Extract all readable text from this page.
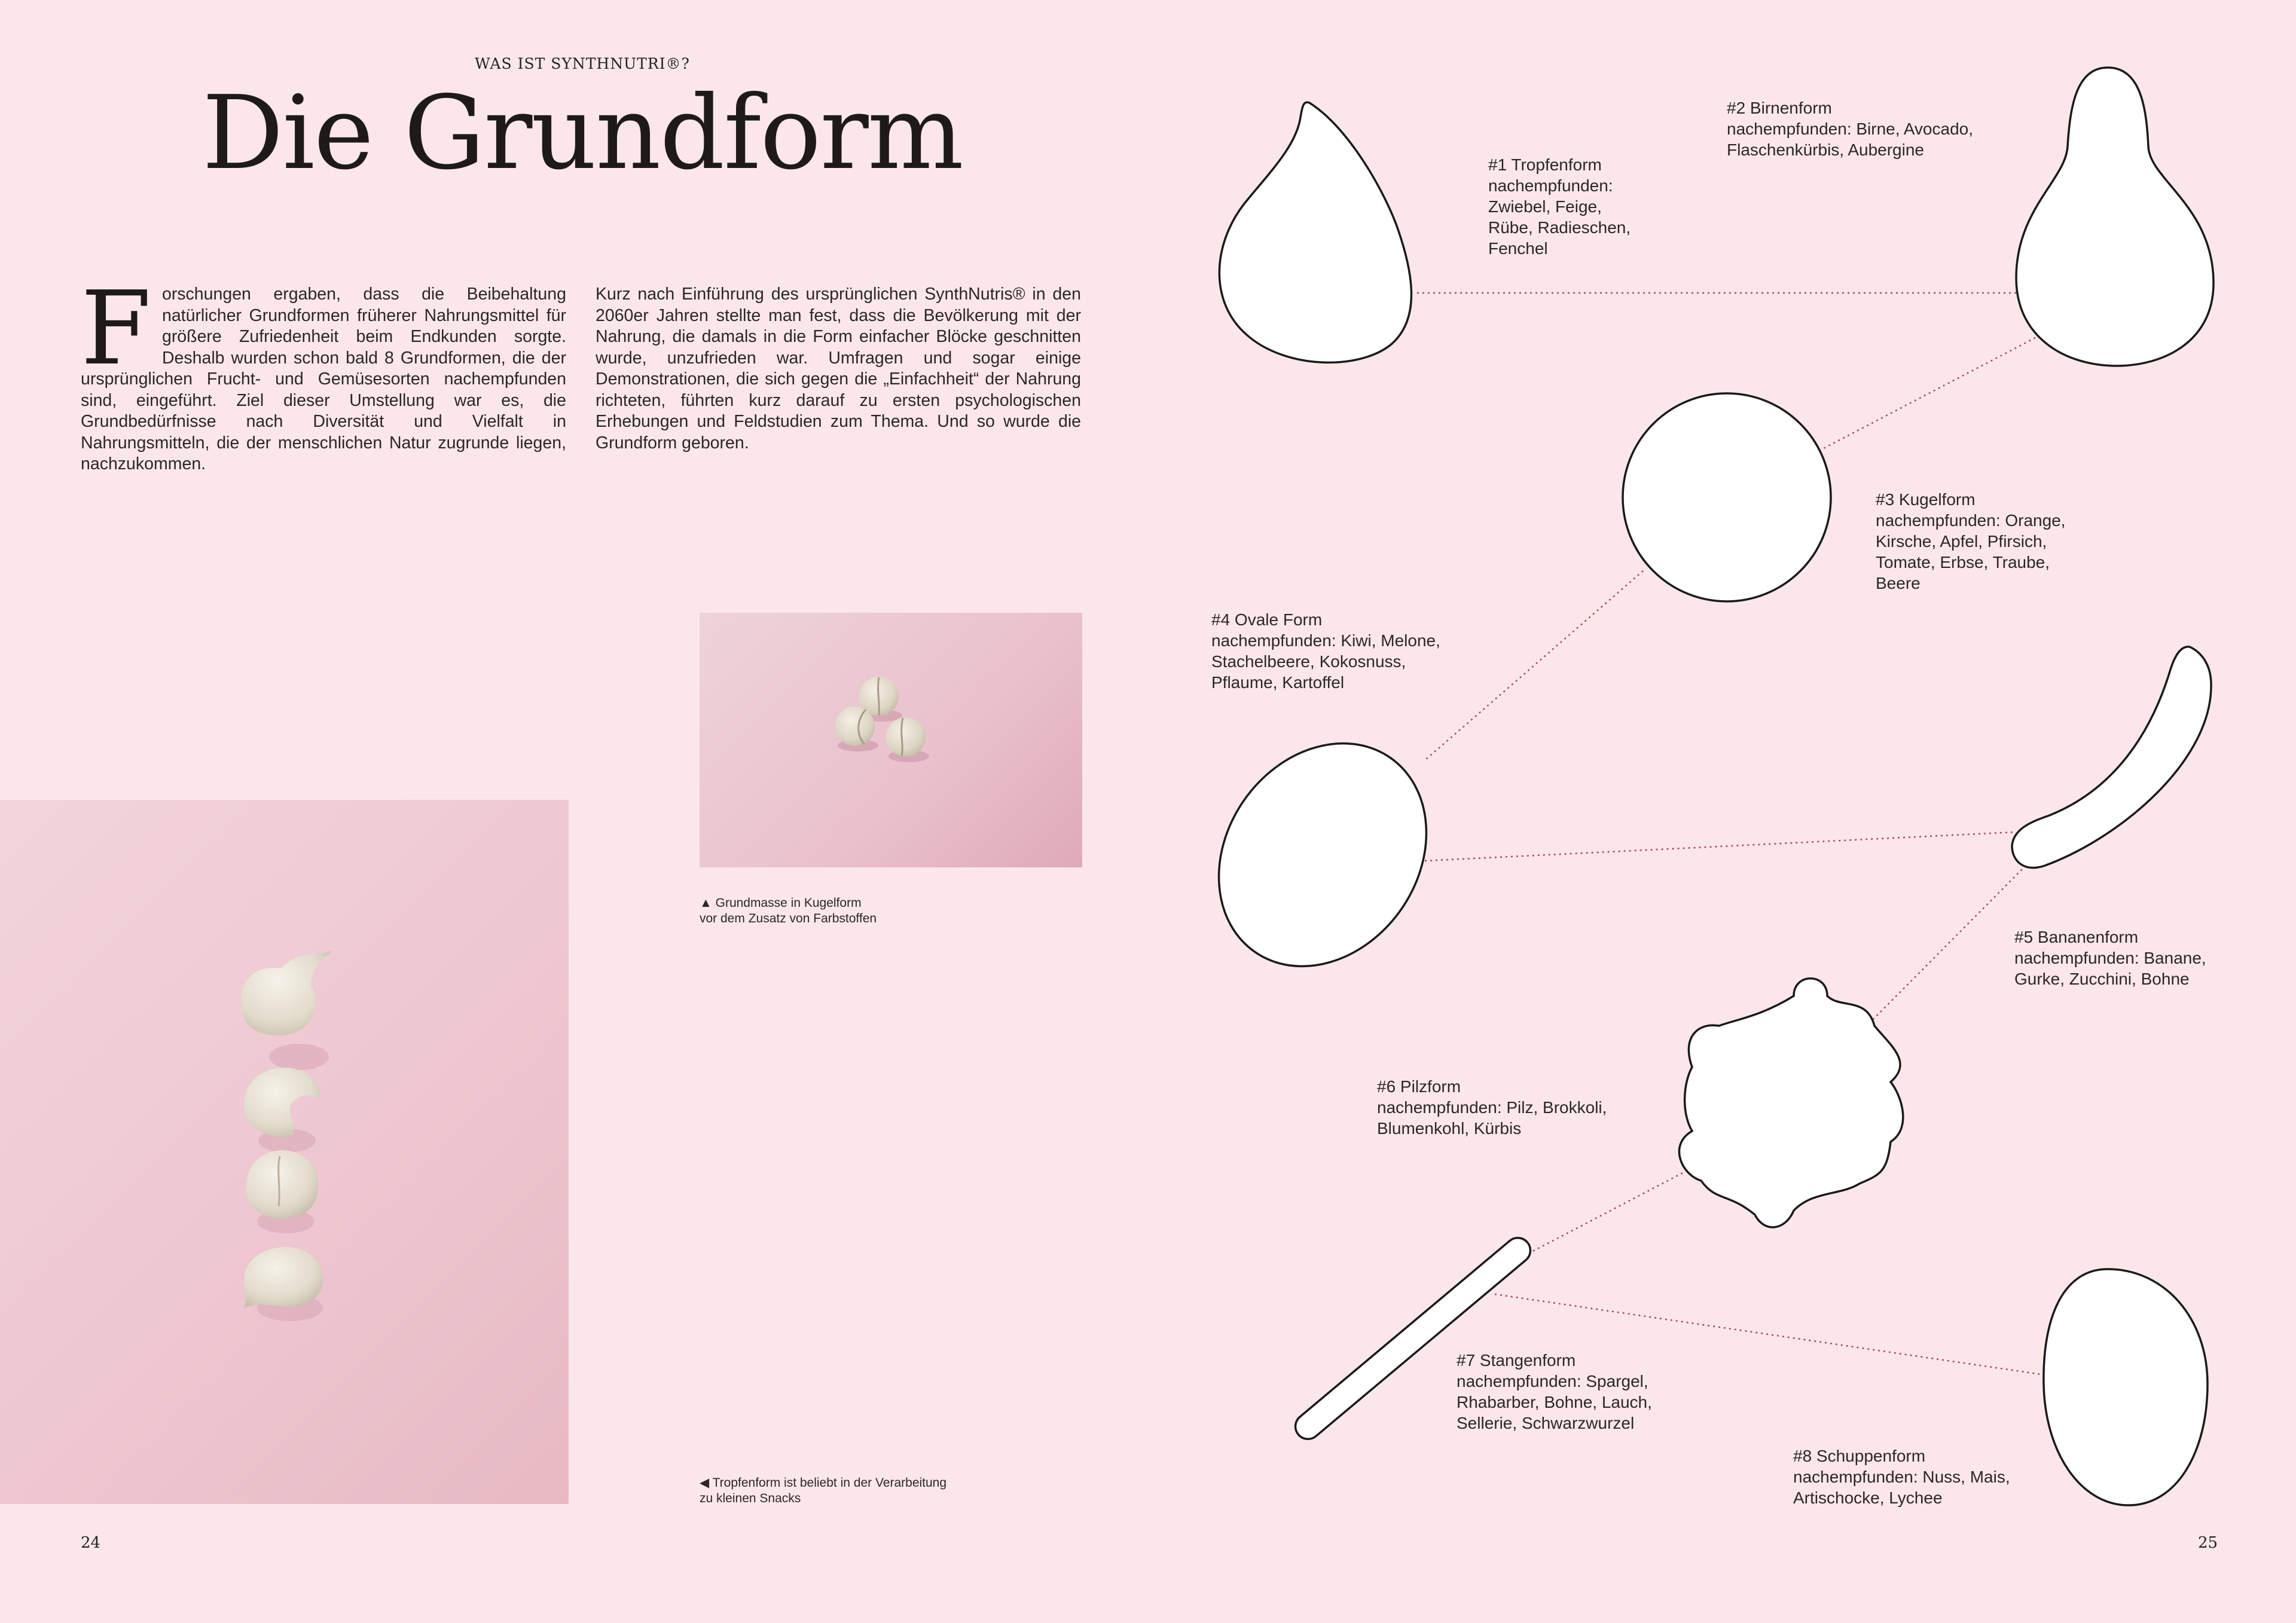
WAS IST SYNTHNUTRI®?
Die Grundform
Forschungen ergaben, dass die Beibehaltung natürlicher Grundformen früherer Nahrungsmittel für größere Zufriedenheit beim Endkunden sorgte. Deshalb wurden schon bald 8 Grundformen, die der ursprünglichen Frucht- und Gemüsesorten nachempfunden sind, eingeführt. Ziel dieser Umstellung war es, die Grundbedürfnisse nach Diversität und Vielfalt in Nahrungsmitteln, die der menschlichen Natur zugrunde liegen, nachzukommen.
Kurz nach Einführung des ursprünglichen SynthNutris® in den 2060er Jahren stellte man fest, dass die Bevölkerung mit der Nahrung, die damals in die Form einfacher Blöcke geschnitten wurde, unzufrieden war. Umfragen und sogar einige Demonstrationen, die sich gegen die „Einfachheit“ der Nahrung richteten, führten kurz darauf zu ersten psychologischen Erhebungen und Feldstudien zum Thema. Und so wurde die Grundform geboren.
▲ Grundmasse in Kugelform
vor dem Zusatz von Farbstoffen
◀ Tropfenform ist beliebt in der Verarbeitung
zu kleinen Snacks
24	25
#1 Tropfenform
nachempfunden:
Zwiebel, Feige,
Rübe, Radieschen,
Fenchel
#2 Birnenform
nachempfunden: Birne, Avocado,
Flaschenkürbis, Aubergine
#3 Kugelform
nachempfunden: Orange,
Kirsche, Apfel, Pfirsich,
Tomate, Erbse, Traube,
Beere
#4 Ovale Form
nachempfunden: Kiwi, Melone,
Stachelbeere, Kokosnuss,
Pflaume, Kartoffel
#5 Bananenform
nachempfunden: Banane,
Gurke, Zucchini, Bohne
#6 Pilzform
nachempfunden: Pilz, Brokkoli,
Blumenkohl, Kürbis
#7 Stangenform
nachempfunden: Spargel,
Rhabarber, Bohne, Lauch,
Sellerie, Schwarzwurzel
#8 Schuppenform
nachempfunden: Nuss, Mais,
Artischocke, Lychee
